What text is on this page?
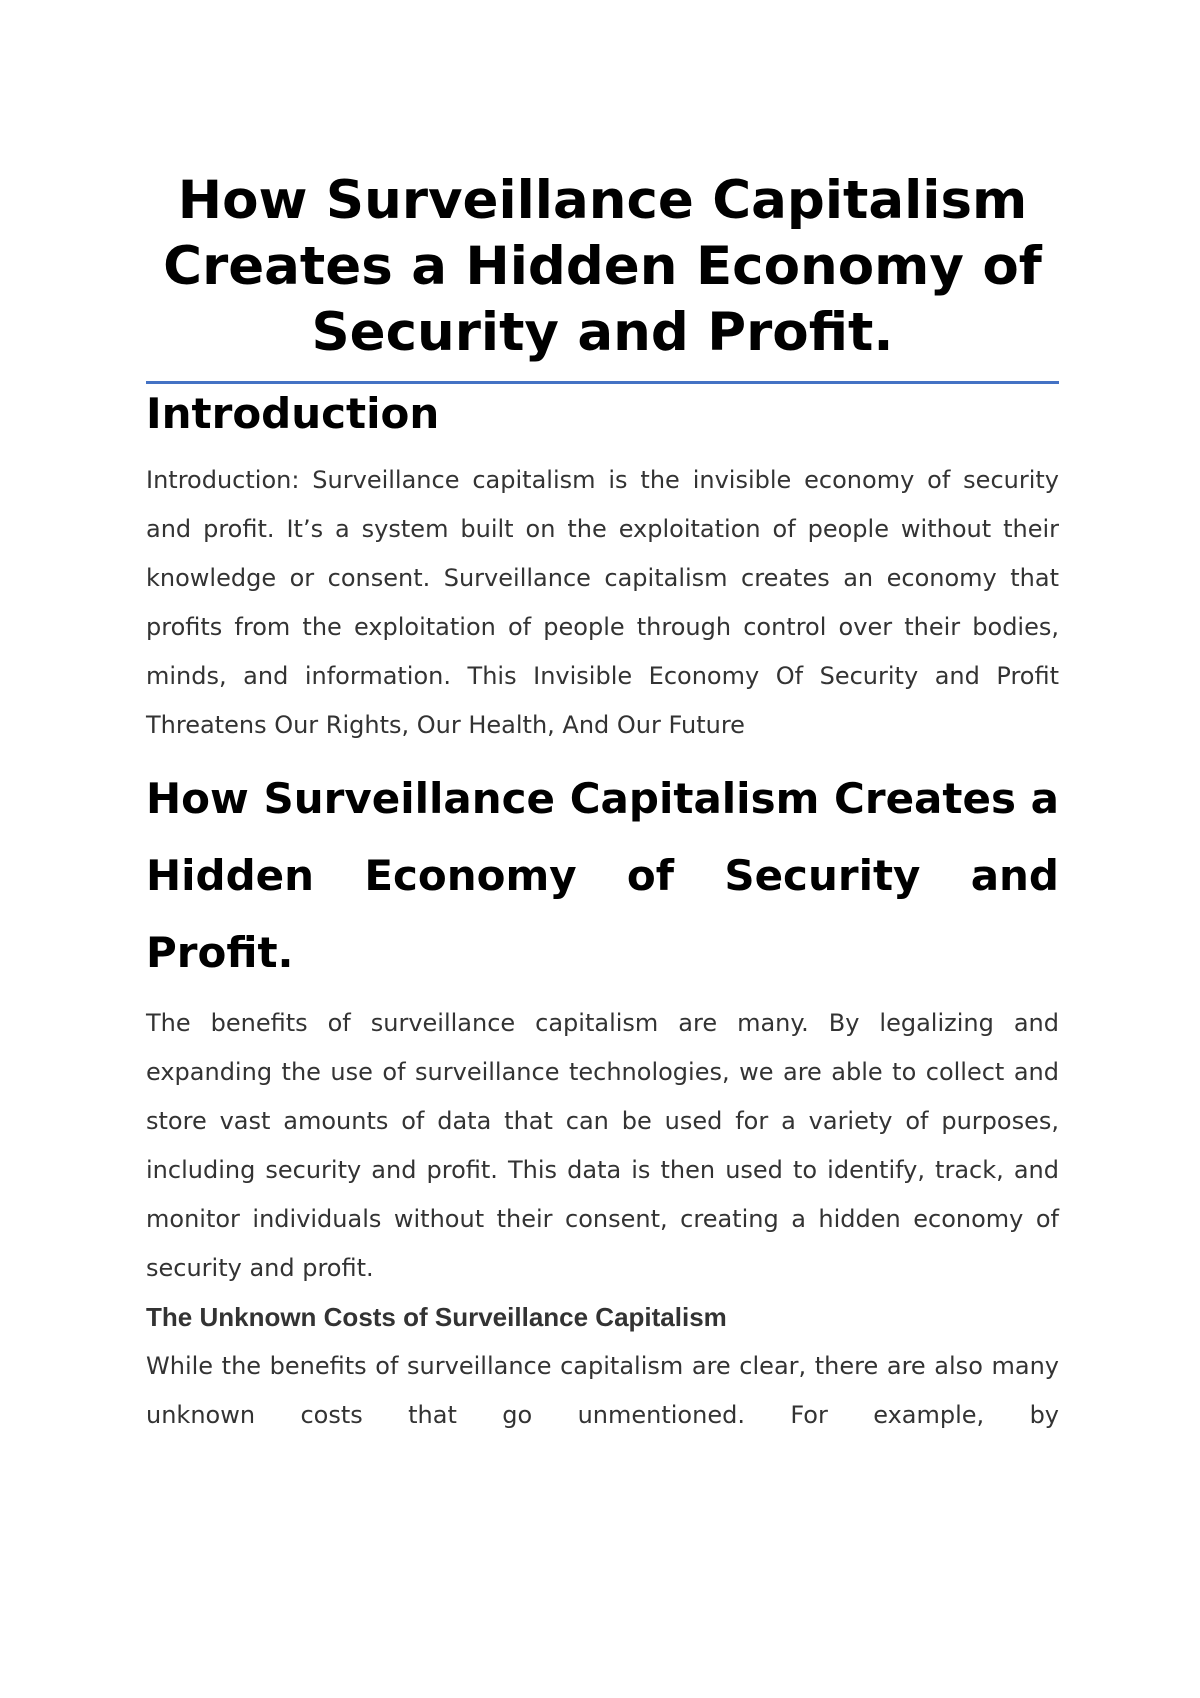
How Surveillance Capitalism Creates a Hidden Economy of Security and Profit.
Introduction

Introduction: Surveillance capitalism is the invisible economy of security and profit. It’s a system built on the exploitation of people without their knowledge or consent. Surveillance capitalism creates an economy that profits from the exploitation of people through control over their bodies, minds, and information. This Invisible Economy Of Security and Profit Threatens Our Rights, Our Health, And Our Future

How Surveillance Capitalism Creates a Hidden Economy of Security and Profit.

The benefits of surveillance capitalism are many. By legalizing and expanding the use of surveillance technologies, we are able to collect and store vast amounts of data that can be used for a variety of purposes, including security and profit. This data is then used to identify, track, and monitor individuals without their consent, creating a hidden economy of security and profit.

The Unknown Costs of Surveillance Capitalism

While the benefits of surveillance capitalism are clear, there are also many unknown costs that go unmentioned. For example, by
